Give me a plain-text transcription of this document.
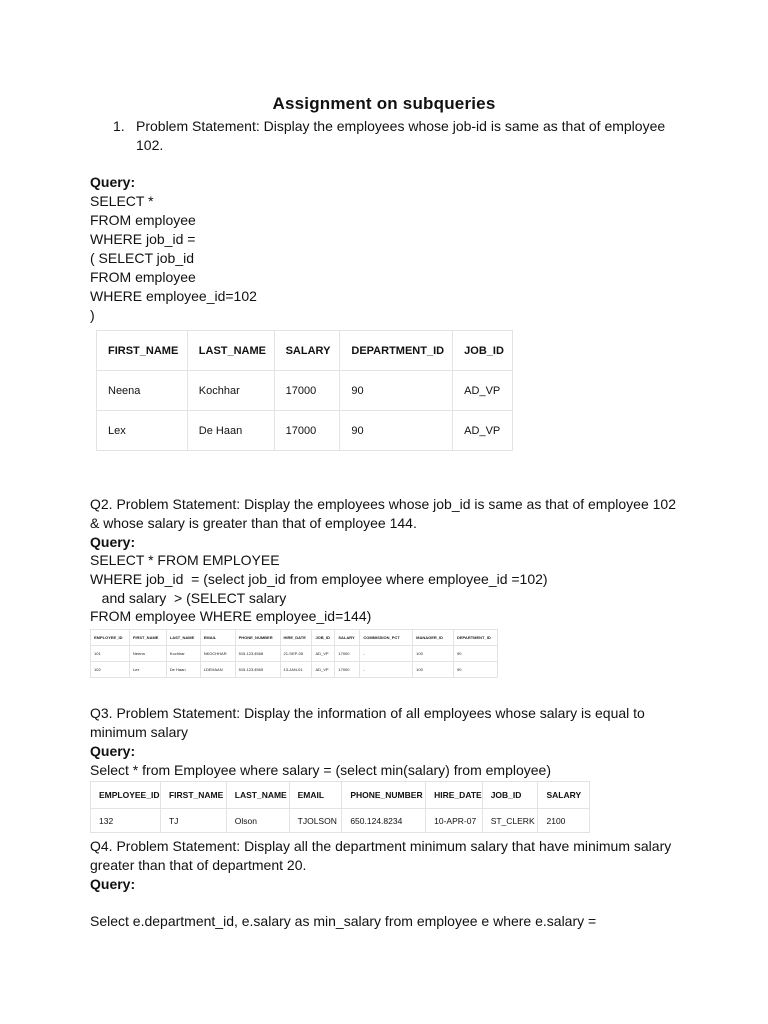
Assignment on subqueries
1. Problem Statement: Display the employees whose job-id is same as that of employee
102.
Query:
SELECT *
FROM employee
WHERE job_id =
( SELECT job_id
FROM employee
WHERE employee_id=102
)
FIRST_NAME	LAST_NAME	SALARY	DEPARTMENT_ID	JOB_ID
Neena	Kochhar	17000	90	AD_VP
Lex	De Haan	17000	90	AD_VP
Q2. Problem Statement: Display the employees whose job_id is same as that of employee 102
& whose salary is greater than that of employee 144.
Query:
SELECT * FROM EMPLOYEE
WHERE job_id  = (select job_id from employee where employee_id =102)
and salary  > (SELECT salary
FROM employee WHERE employee_id=144)
EMPLOYEE_ID	FIRST_NAME	LAST_NAME	EMAIL	PHONE_NUMBER	HIRE_DATE	JOB_ID	SALARY	COMMISSION_PCT	MANAGER_ID	DEPARTMENT_ID
101	Neena	Kochhar	NKOCHHAR	515.123.4568	21-SEP-05	AD_VP	17000	-	100	90
102	Lex	De Haan	LDEHAAN	515.123.4569	13-JAN-01	AD_VP	17000	-	100	90
Q3. Problem Statement: Display the information of all employees whose salary is equal to
minimum salary
Query:
Select * from Employee where salary = (select min(salary) from employee)
EMPLOYEE_ID	FIRST_NAME	LAST_NAME	EMAIL	PHONE_NUMBER	HIRE_DATE	JOB_ID	SALARY
132	TJ	Olson	TJOLSON	650.124.8234	10-APR-07	ST_CLERK	2100
Q4. Problem Statement: Display all the department minimum salary that have minimum salary
greater than that of department 20.
Query:
Select e.department_id, e.salary as min_salary from employee e where e.salary =
